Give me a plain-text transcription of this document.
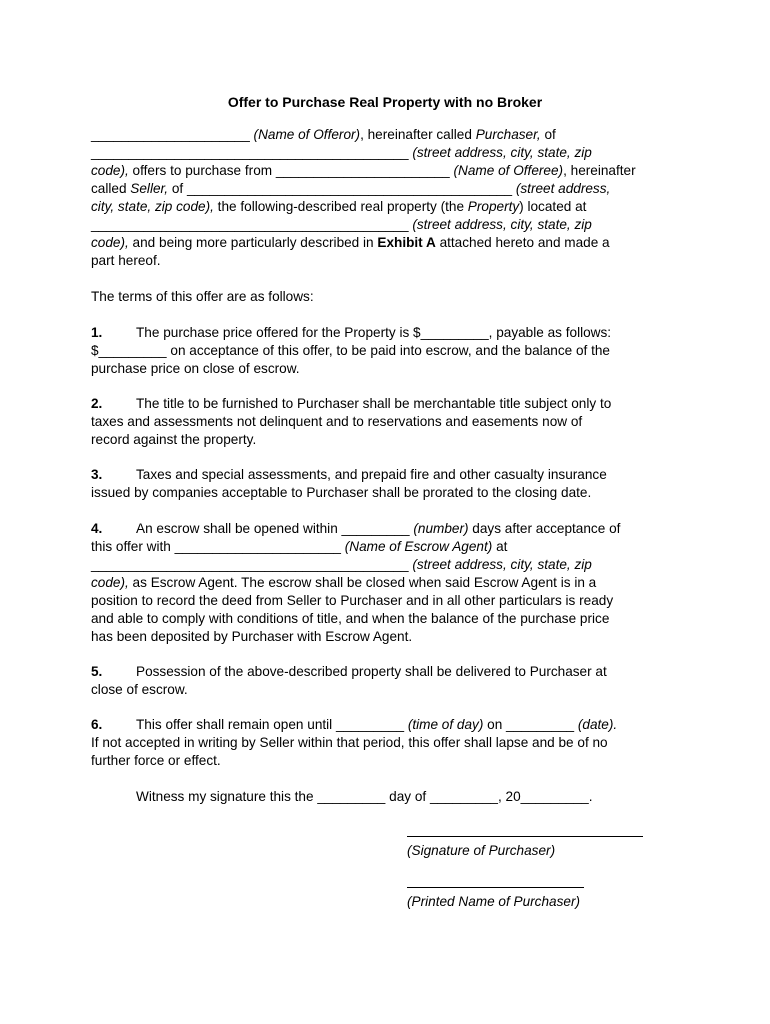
Offer to Purchase Real Property with no Broker
_____________________ (Name of Offeror), hereinafter called Purchaser, of
__________________________________________ (street address, city, state, zip
code), offers to purchase from _______________________ (Name of Offeree), hereinafter
called Seller, of ___________________________________________ (street address,
city, state, zip code), the following-described real property (the Property) located at
__________________________________________ (street address, city, state, zip
code), and being more particularly described in Exhibit A attached hereto and made a
part hereof.
The terms of this offer are as follows:
1. The purchase price offered for the Property is $_________, payable as follows:
$_________ on acceptance of this offer, to be paid into escrow, and the balance of the
purchase price on close of escrow.
2. The title to be furnished to Purchaser shall be merchantable title subject only to
taxes and assessments not delinquent and to reservations and easements now of
record against the property.
3. Taxes and special assessments, and prepaid fire and other casualty insurance
issued by companies acceptable to Purchaser shall be prorated to the closing date.
4. An escrow shall be opened within _________ (number) days after acceptance of
this offer with ______________________ (Name of Escrow Agent) at
__________________________________________ (street address, city, state, zip
code), as Escrow Agent. The escrow shall be closed when said Escrow Agent is in a
position to record the deed from Seller to Purchaser and in all other particulars is ready
and able to comply with conditions of title, and when the balance of the purchase price
has been deposited by Purchaser with Escrow Agent.
5. Possession of the above-described property shall be delivered to Purchaser at
close of escrow.
6. This offer shall remain open until _________ (time of day) on _________ (date).
If not accepted in writing by Seller within that period, this offer shall lapse and be of no
further force or effect.
Witness my signature this the _________ day of _________, 20_________.
(Signature of Purchaser)
(Printed Name of Purchaser)
